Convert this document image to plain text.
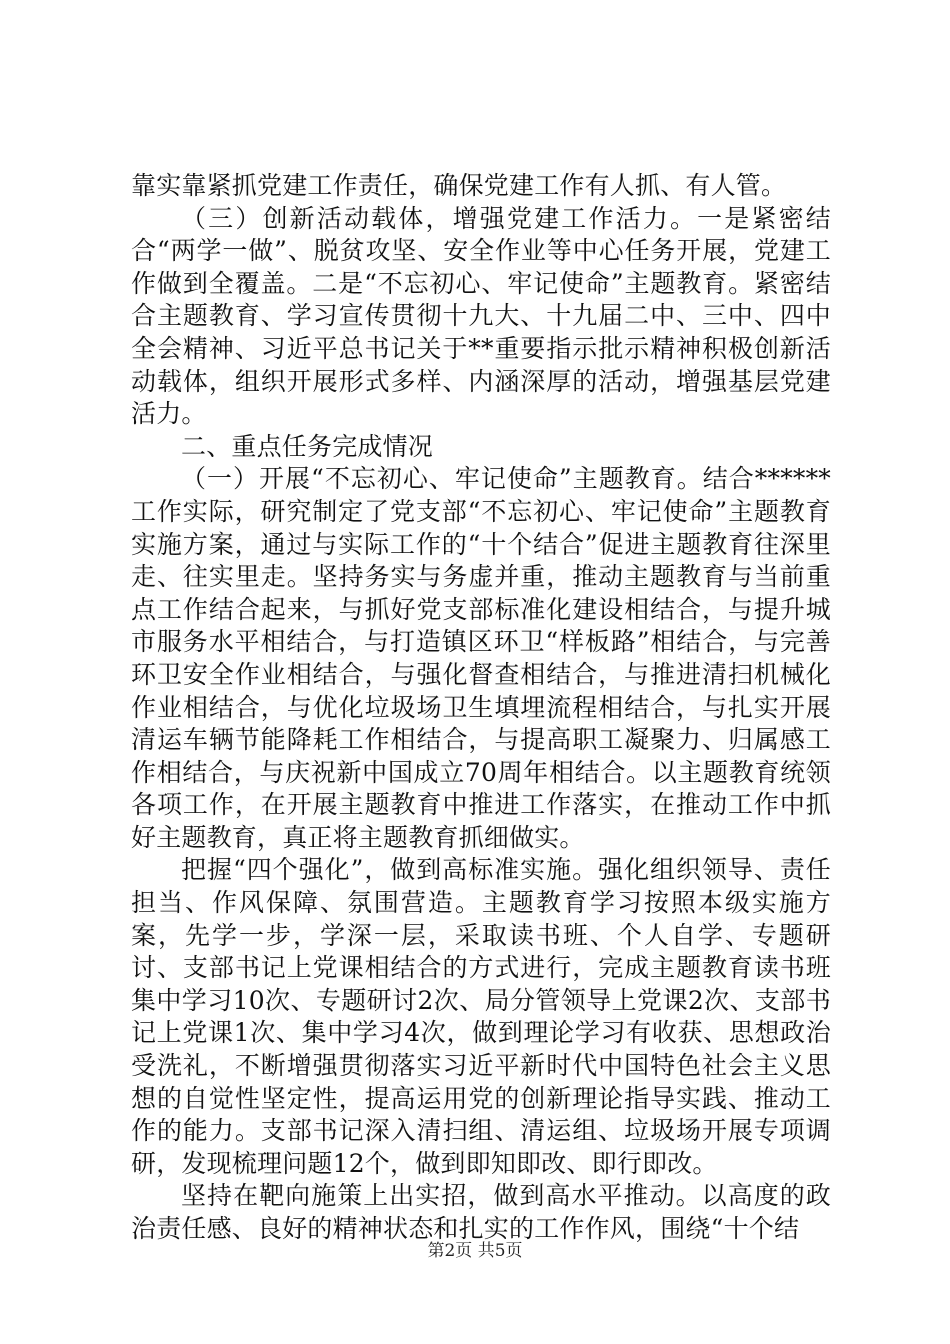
靠实靠紧抓党建工作责任，确保党建工作有人抓、有人管。

（三）创新活动载体，增强党建工作活力。一是紧密结合“两学一做”、脱贫攻坚、安全作业等中心任务开展，党建工作做到全覆盖。二是“不忘初心、牢记使命”主题教育。紧密结合主题教育、学习宣传贯彻十九大、十九届二中、三中、四中全会精神、习近平总书记关于**重要指示批示精神积极创新活动载体，组织开展形式多样、内涵深厚的活动，增强基层党建活力。

二、重点任务完成情况

（一）开展“不忘初心、牢记使命”主题教育。结合******工作实际，研究制定了党支部“不忘初心、牢记使命”主题教育实施方案，通过与实际工作的“十个结合”促进主题教育往深里走、往实里走。坚持务实与务虚并重，推动主题教育与当前重点工作结合起来，与抓好党支部标准化建设相结合，与提升城市服务水平相结合，与打造镇区环卫“样板路”相结合，与完善环卫安全作业相结合，与强化督查相结合，与推进清扫机械化作业相结合，与优化垃圾场卫生填埋流程相结合，与扎实开展清运车辆节能降耗工作相结合，与提高职工凝聚力、归属感工作相结合，与庆祝新中国成立70周年相结合。以主题教育统领各项工作，在开展主题教育中推进工作落实，在推动工作中抓好主题教育，真正将主题教育抓细做实。

把握“四个强化”，做到高标准实施。强化组织领导、责任担当、作风保障、氛围营造。主题教育学习按照本级实施方案，先学一步，学深一层，采取读书班、个人自学、专题研讨、支部书记上党课相结合的方式进行，完成主题教育读书班集中学习10次、专题研讨2次、局分管领导上党课2次、支部书记上党课1次、集中学习4次，做到理论学习有收获、思想政治受洗礼，不断增强贯彻落实习近平新时代中国特色社会主义思想的自觉性坚定性，提高运用党的创新理论指导实践、推动工作的能力。支部书记深入清扫组、清运组、垃圾场开展专项调研，发现梳理问题12个，做到即知即改、即行即改。

坚持在靶向施策上出实招，做到高水平推动。以高度的政治责任感、良好的精神状态和扎实的工作作风，围绕“十个结

第2页 共5页
